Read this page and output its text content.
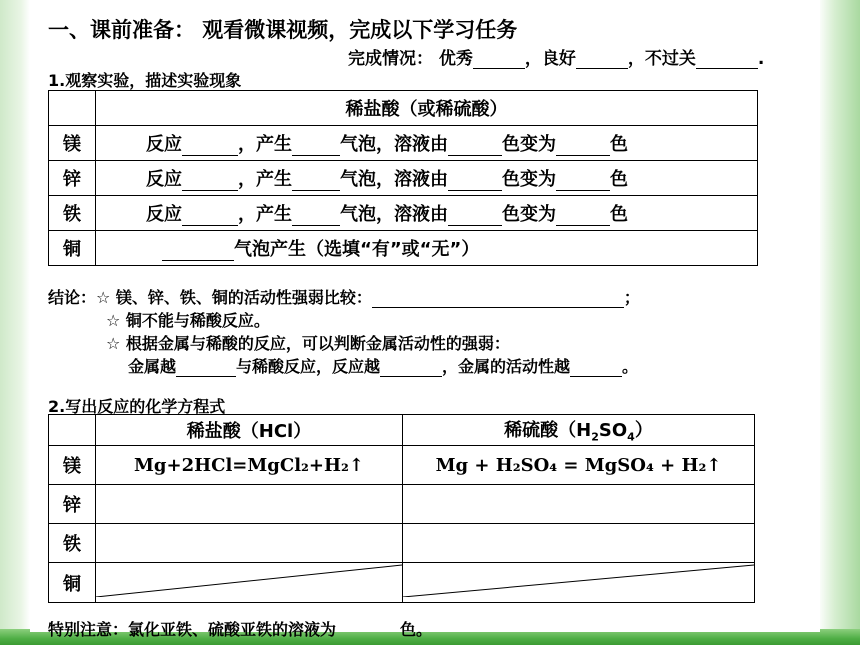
一、课前准备： 观看微课视频，完成以下学习任务
完成情况： 优秀	，良好	，不过关	.
1.观察实验，描述实验现象
	稀盐酸（或稀硫酸）
镁	反应 ，产生 气泡，溶液由 色变为 色
锌	反应 ，产生 气泡，溶液由 色变为 色
铁	反应 ，产生 气泡，溶液由 色变为 色
铜	气泡产生（选填“有”或“无”）
结论：☆ 镁、锌、铁、铜的活动性强弱比较：	；
☆ 铜不能与稀酸反应。
☆ 根据金属与稀酸的反应，可以判断金属活动性的强弱：
金属越	与稀酸反应，反应越	，金属的活动性越	。
2.写出反应的化学方程式
	稀盐酸（HCl）	稀硫酸$(H_2SO_4)$
镁	Mg+2HCl=MgCl₂+H₂↑	Mg + H₂SO₄ = MgSO₄ + H₂↑
锌		
铁		
铜		
特别注意：氯化亚铁、硫酸亚铁的溶液为	色。
